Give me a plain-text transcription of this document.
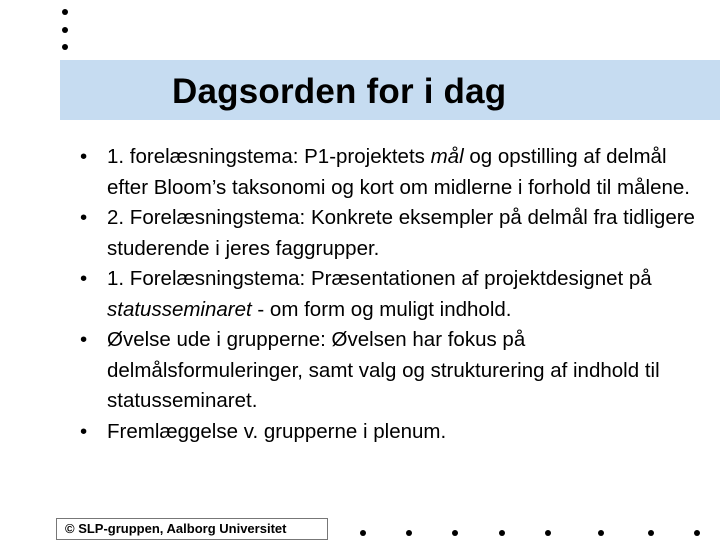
Dagsorden for i dag
• 1. forelæsningstema: P1-projektets mål og opstilling af delmål efter Bloom’s taksonomi og kort om midlerne i forhold til målene.
• 2. Forelæsningstema: Konkrete eksempler på delmål fra tidligere studerende i jeres faggrupper.
• 1. Forelæsningstema: Præsentationen af projektdesignet på statusseminaret - om form og muligt indhold.
• Øvelse ude i grupperne: Øvelsen har fokus på delmålsformuleringer, samt valg og strukturering af indhold til statusseminaret.
• Fremlæggelse v. grupperne i plenum.
© SLP-gruppen, Aalborg Universitet
